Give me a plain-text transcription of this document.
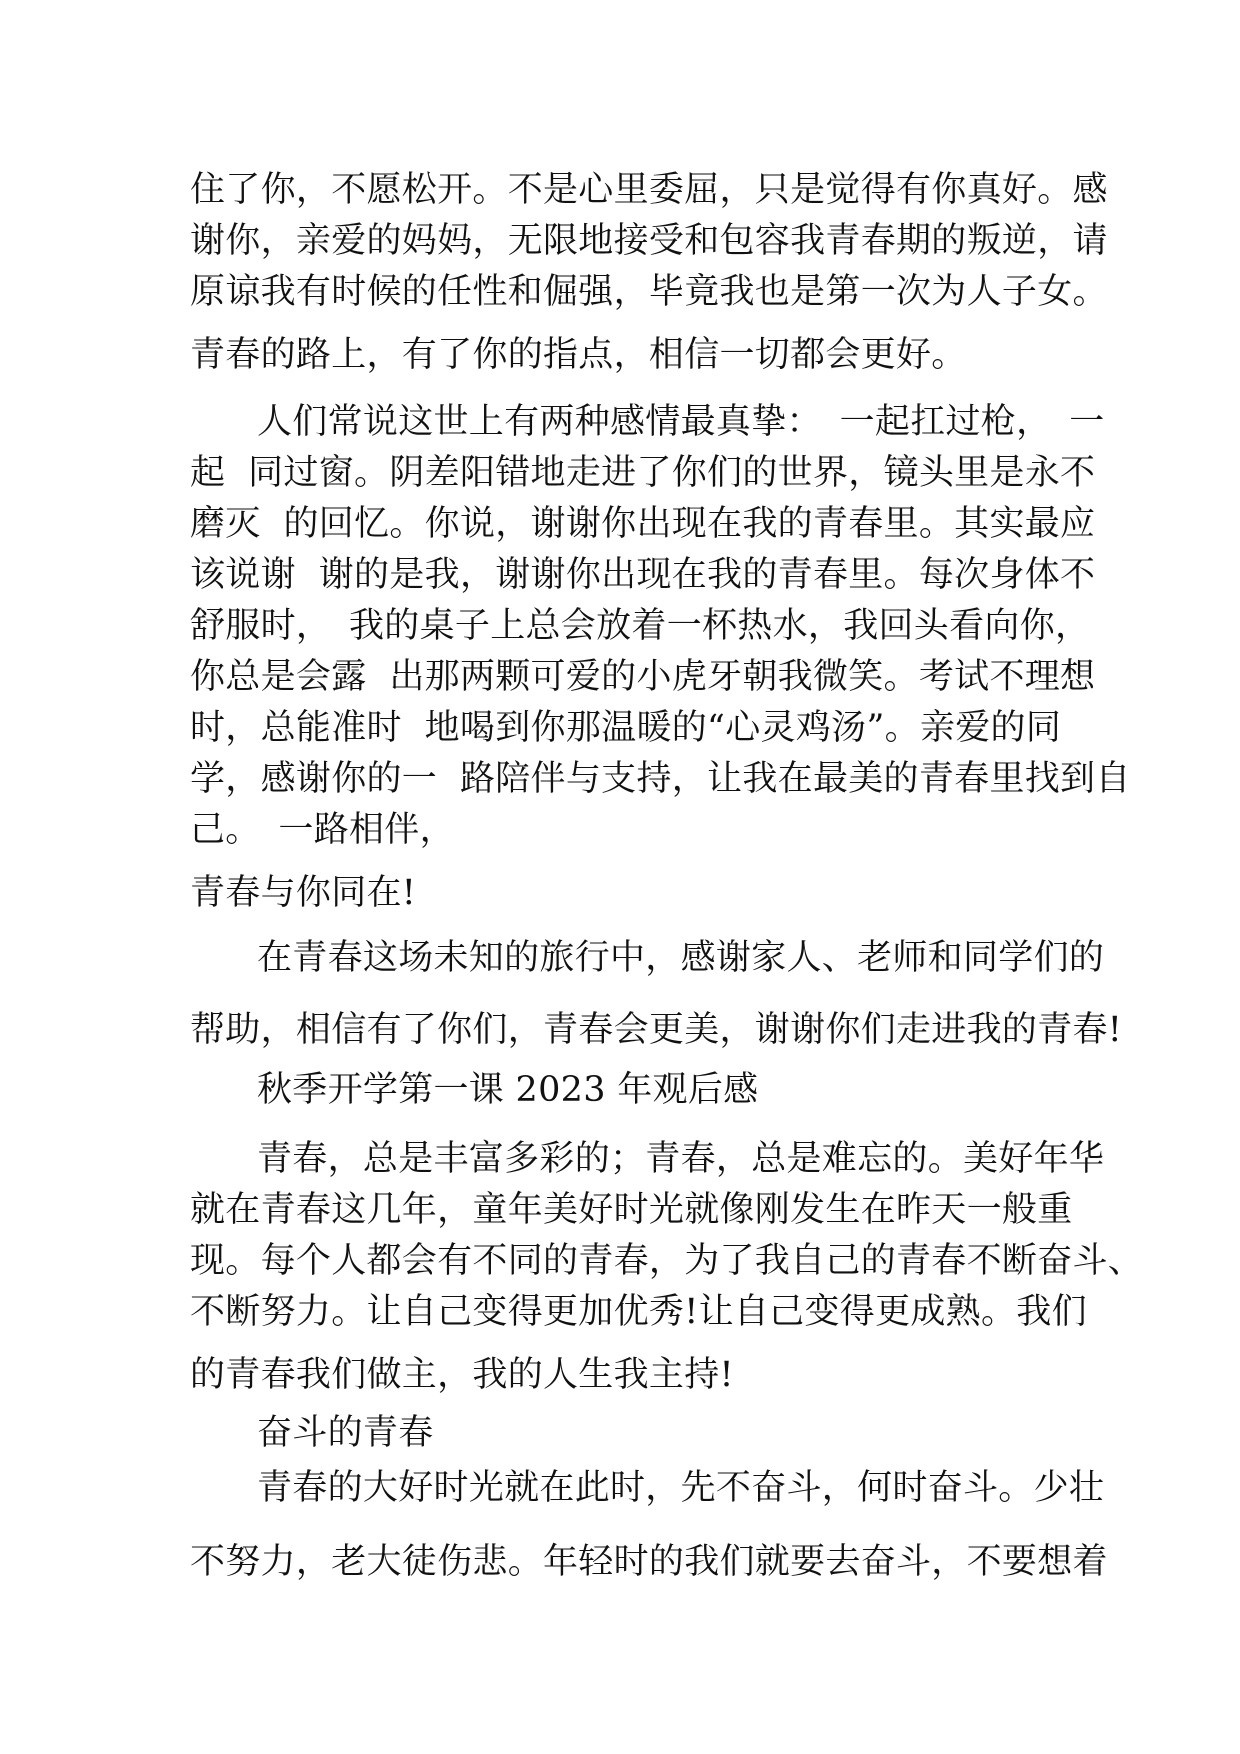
住了你，不愿松开。不是心里委屈，只是觉得有你真好。感
谢你，亲爱的妈妈，无限地接受和包容我青春期的叛逆，请
原谅我有时候的任性和倔强，毕竟我也是第一次为人子女。
青春的路上，有了你的指点，相信一切都会更好。
人们常说这世上有两种感情最真挚：　一起扛过枪，　一
起  同过窗。阴差阳错地走进了你们的世界，镜头里是永不
磨灭  的回忆。你说，谢谢你出现在我的青春里。其实最应
该说谢  谢的是我，谢谢你出现在我的青春里。每次身体不
舒服时，　我的桌子上总会放着一杯热水，我回头看向你，
你总是会露  出那两颗可爱的小虎牙朝我微笑。考试不理想
时，总能准时  地喝到你那温暖的“心灵鸡汤”。亲爱的同
学，感谢你的一  路陪伴与支持，让我在最美的青春里找到自
己。　一路相伴，
青春与你同在!
在青春这场未知的旅行中，感谢家人、老师和同学们的
帮助，相信有了你们，青春会更美，谢谢你们走进我的青春!
秋季开学第一课 2023 年观后感
青春，总是丰富多彩的；青春，总是难忘的。美好年华
就在青春这几年，童年美好时光就像刚发生在昨天一般重
现。每个人都会有不同的青春，为了我自己的青春不断奋斗、
不断努力。让自己变得更加优秀!让自己变得更成熟。我们
的青春我们做主，我的人生我主持!
奋斗的青春
青春的大好时光就在此时，先不奋斗，何时奋斗。少壮
不努力，老大徒伤悲。年轻时的我们就要去奋斗，不要想着
